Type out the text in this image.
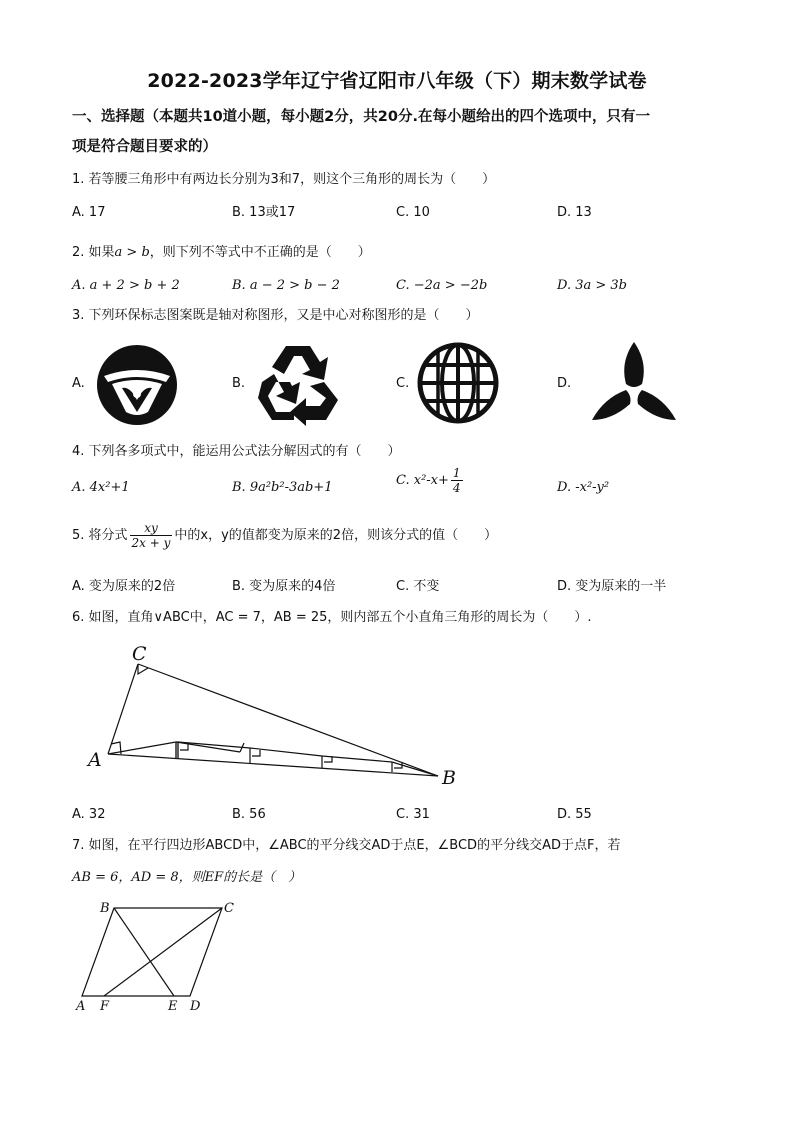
2022-2023学年辽宁省辽阳市八年级（下）期末数学试卷
一、选择题（本题共10道小题，每小题2分，共20分.在每小题给出的四个选项中，只有一
项是符合题目要求的）
1. 若等腰三角形中有两边长分别为3和7，则这个三角形的周长为（　　）
A. 17	B. 13或17	C. 10	D. 13
2. 如果a > b，则下列不等式中不正确的是（　　）
A. a + 2 > b + 2	B. a − 2 > b − 2	C. −2a > −2b	D. 3a > 3b
3. 下列环保标志图案既是轴对称图形，又是中心对称图形的是（　　）
A.	B.	C.	D.
4. 下列各多项式中，能运用公式法分解因式的有（　　）
A. 4x²+1	B. 9a²b²-3ab+1	C. $x^2-x+ \frac{1}{4}$	D. -x²-y²
5. 将分式 $\frac{xy}{2x + y}$ 中的x，y的值都变为原来的2倍，则该分式的值（　　）
A. 变为原来的2倍	B. 变为原来的4倍	C. 不变	D. 变为原来的一半
6. 如图，直角∨ABC中，AC = 7，AB = 25，则内部五个小直角三角形的周长为（　　）.
C
A
B
A. 32	B. 56	C. 31	D. 55
7. 如图，在平行四边形ABCD中，∠ABC的平分线交AD于点E，∠BCD的平分线交AD于点F，若
AB = 6，AD = 8，则EF的长是（　）
B	C
A F	E D
